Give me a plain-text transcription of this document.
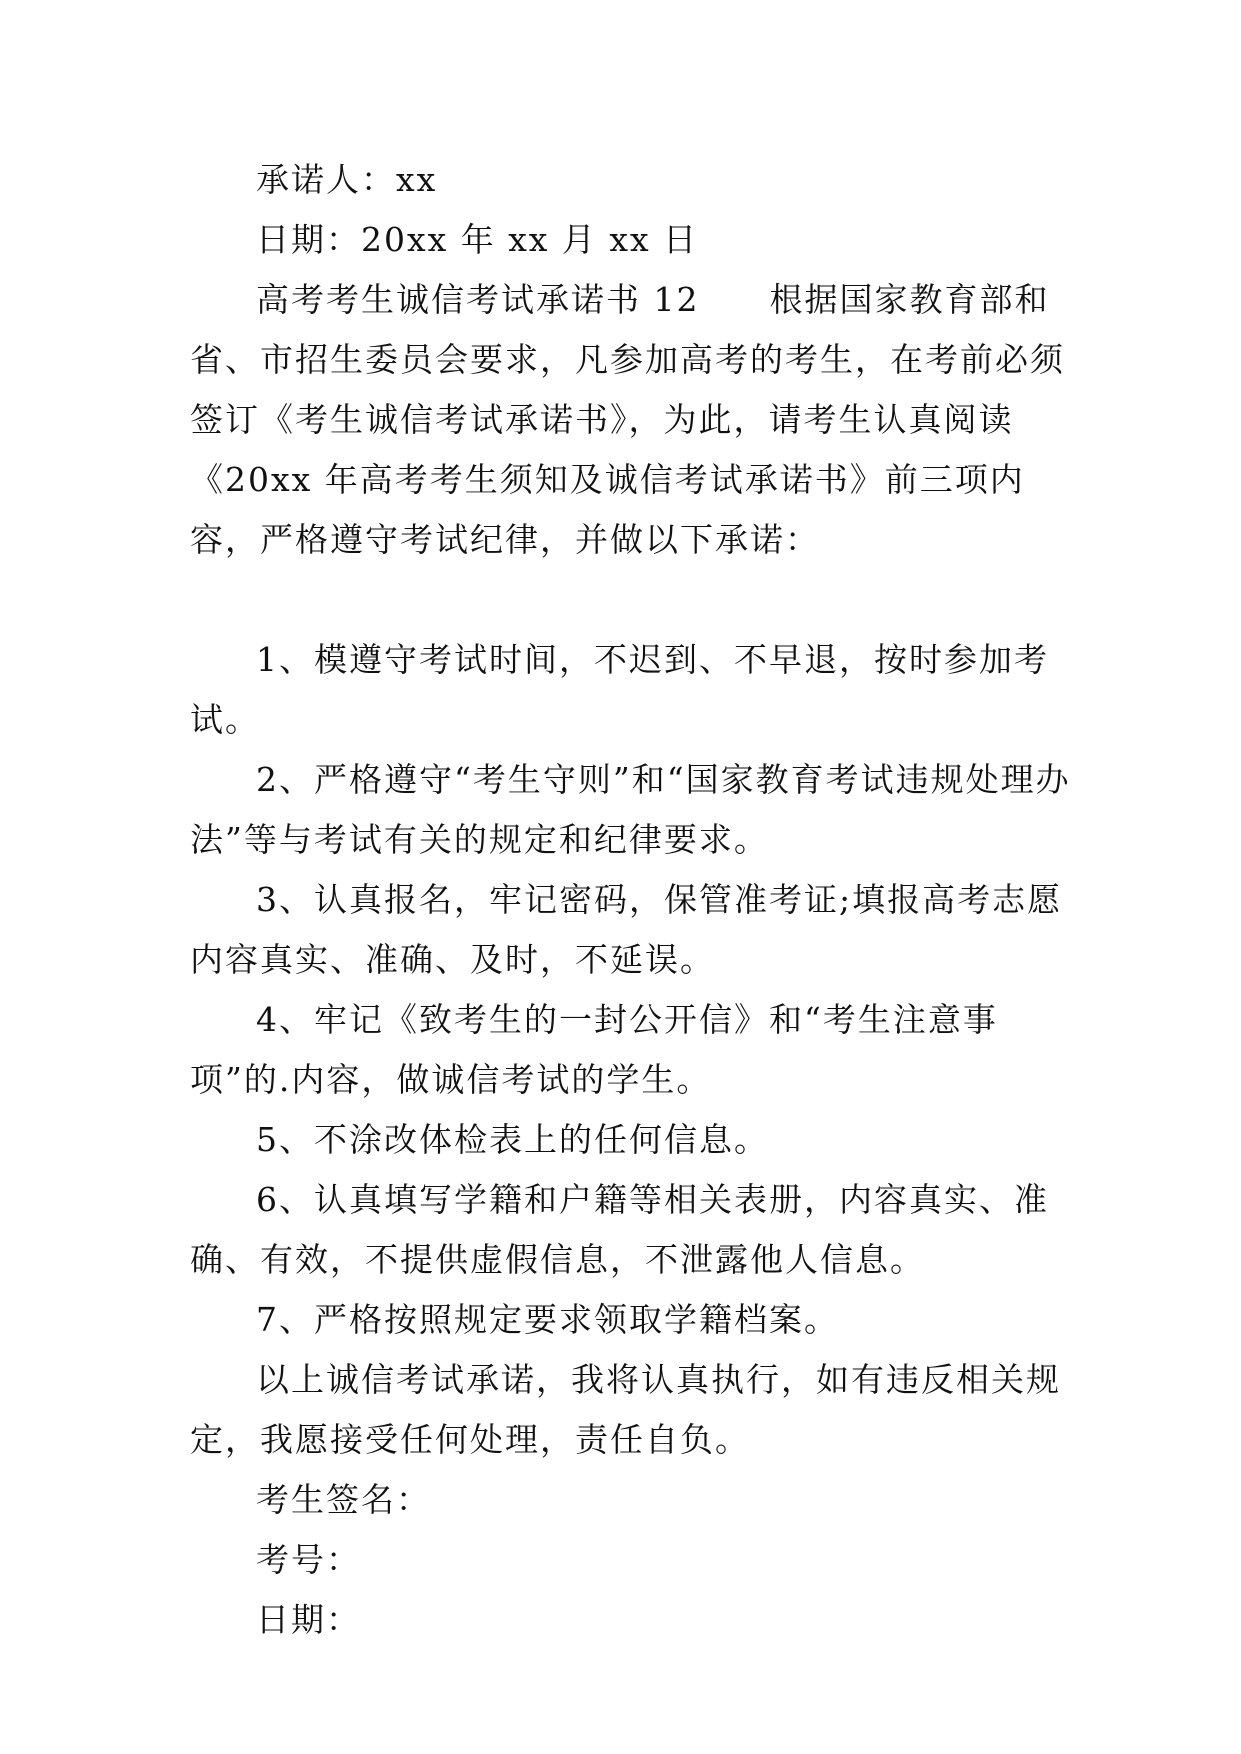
承诺人：xx

日期：20xx 年 xx 月 xx 日

高考考生诚信考试承诺书 12　　根据国家教育部和省、市招生委员会要求，凡参加高考的考生，在考前必须签订《考生诚信考试承诺书》，为此，请考生认真阅读《20xx 年高考考生须知及诚信考试承诺书》前三项内容，严格遵守考试纪律，并做以下承诺：

1、模遵守考试时间，不迟到、不早退，按时参加考试。

2、严格遵守“考生守则”和“国家教育考试违规处理办法”等与考试有关的规定和纪律要求。

3、认真报名，牢记密码，保管准考证;填报高考志愿内容真实、准确、及时，不延误。

4、牢记《致考生的一封公开信》和“考生注意事项”的.内容，做诚信考试的学生。

5、不涂改体检表上的任何信息。

6、认真填写学籍和户籍等相关表册，内容真实、准确、有效，不提供虚假信息，不泄露他人信息。

7、严格按照规定要求领取学籍档案。

以上诚信考试承诺，我将认真执行，如有违反相关规定，我愿接受任何处理，责任自负。

考生签名：

考号：

日期：
